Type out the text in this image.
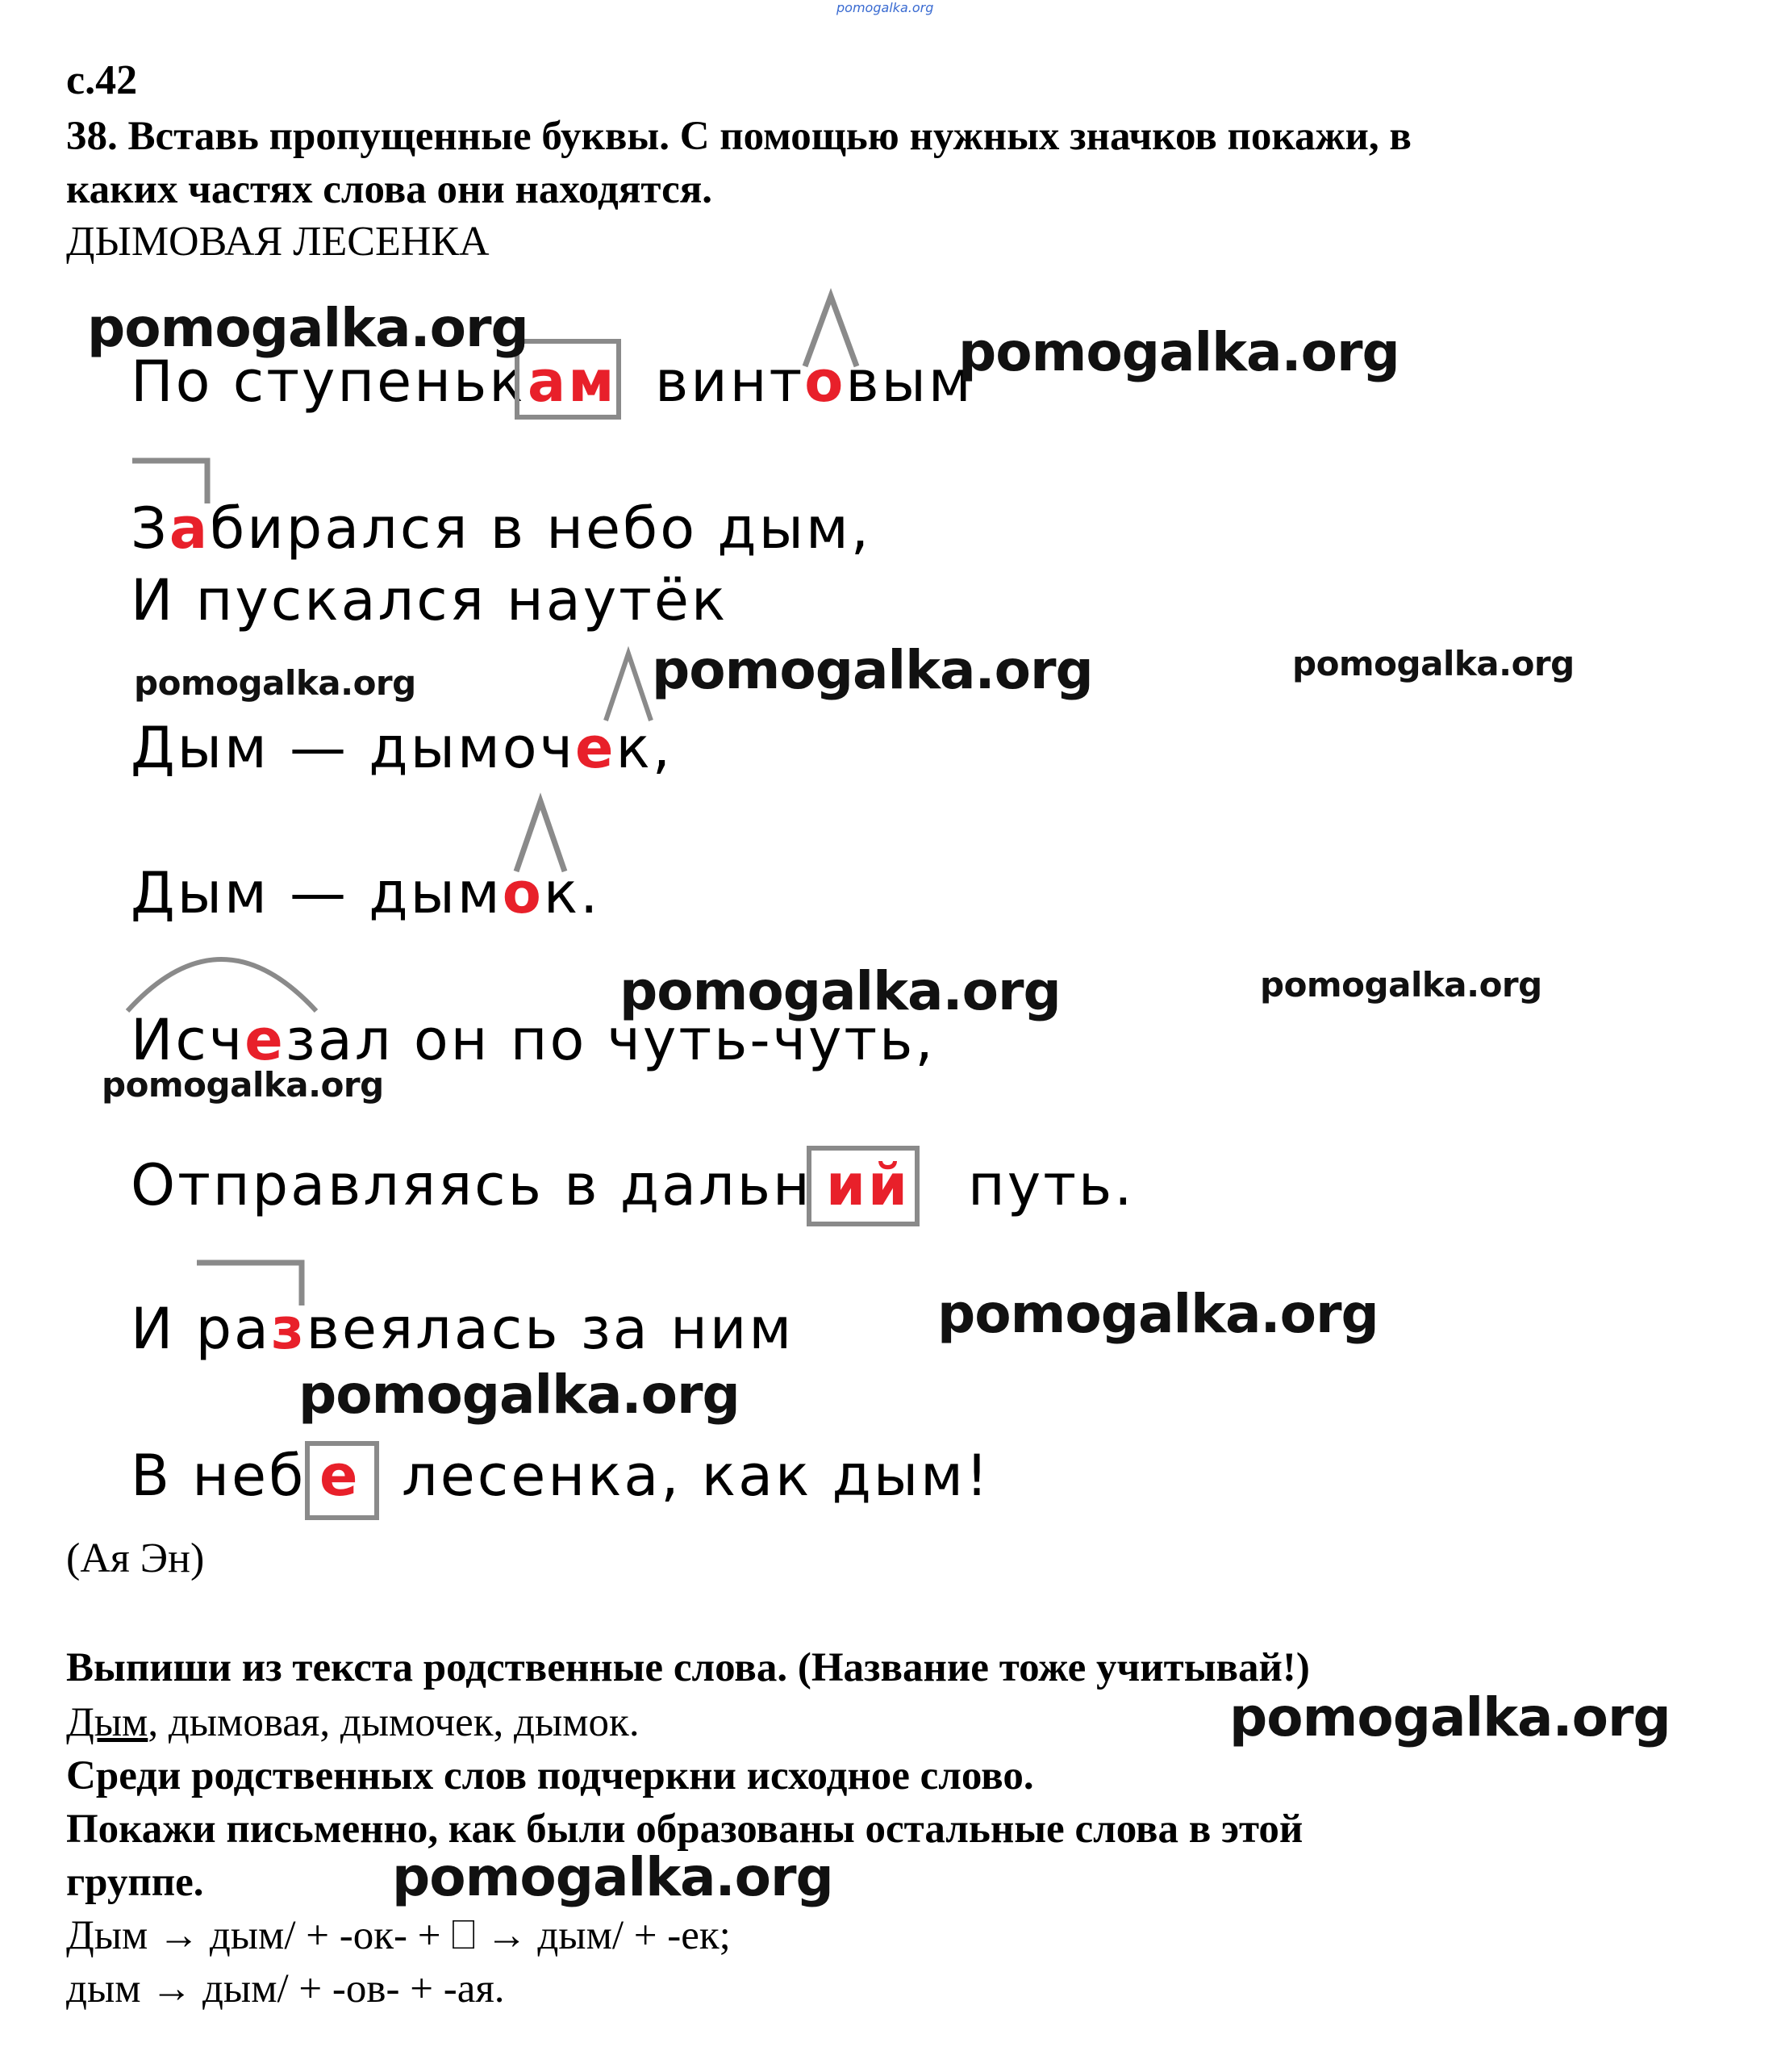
pomogalka.org
с.42
38. Вставь пропущенные буквы. С помощью нужных значков покажи, в
каких частях слова они находятся.
ДЫМОВАЯ ЛЕСЕНКА
По ступеньк ам винтовым
Забирался в небо дым,
И пускался наутёк
Дым — дымочек,
Дым — дымок.
Исчезал он по чуть-чуть,
Отправляясь в дальн ий путь.
И развеялась за ним
В неб е лесенка, как дым!
(Ая Эн)
Выпиши из текста родственные слова. (Название тоже учитывай!)
Дым, дымовая, дымочек, дымок.
Среди родственных слов подчеркни исходное слово.
Покажи письменно, как были образованы остальные слова в этой
группе.
Дым → дым/ + -ок- + ⎕ → дым/ + -ек;
дым → дым/ + -ов- + -ая.
pomogalka.org	pomogalka.org
pomogalka.org	pomogalka.org	pomogalka.org
pomogalka.org	pomogalka.org
pomogalka.org
pomogalka.org
pomogalka.org
pomogalka.org
pomogalka.org
